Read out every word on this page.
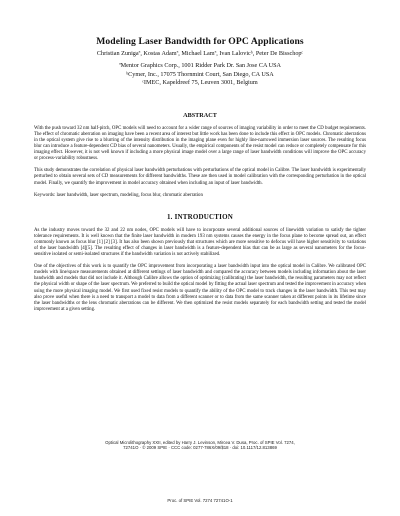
Modeling Laser Bandwidth for OPC Applications
Christian Zunigaª, Kostas Adamª, Michael Lamª, Ivan Lalovicᵇ, Peter De Bisschopᶜ
ªMentor Graphics Corp., 1001 Ridder Park Dr. San Jose CA USA
ᵇCymer, Inc., 17075 Thornmint Court, San Diego, CA USA
ᶜIMEC, Kapeldreef 75, Leuven 3001, Belgium
ABSTRACT

With the push toward 32 nm half-pitch, OPC models will need to account for a wider range of sources of imaging variability in order to meet the CD budget requirements. The effect of chromatic aberration on imaging have been a recent area of interest but little work has been done to include this effect in OPC models. Chromatic aberrations in the optical system give rise to a blurring of the intensity distribution in the imaging plane even for highly line-narrowed immersion laser sources. The resulting focus blur can introduce a feature-dependent CD bias of several nanometers. Usually, the empirical components of the resist model can reduce or completely compensate for this imaging effect. However, it is not well known if including a more physical image model over a large range of laser bandwidth conditions will improve the OPC accuracy or process-variability robustness.

This study demonstrates the correlation of physical laser bandwidth perturbations with perturbations of the optical model in Calibre. The laser bandwidth is experimentally perturbed to obtain several sets of CD measurements for different bandwidths. These are then used in model calibration with the corresponding perturbation in the optical model. Finally, we quantify the improvement in model accuracy obtained when including an input of laser bandwidth.

Keywords: laser bandwidth, laser spectrum, modeling, focus blur, chromatic aberration

1. INTRODUCTION

As the industry moves toward the 32 and 22 nm nodes, OPC models will have to incorporate several additional sources of linewidth variation to satisfy the tighter tolerance requirements. It is well known that the finite laser bandwidth in modern 193 nm systems causes the energy in the focus plane to become spread out, an effect commonly known as focus blur [1] [2] [3]. It has also been shown previously that structures which are more sensitive to defocus will have higher sensitivity to variations of the laser bandwidth [4][5]. The resulting effect of changes in laser bandwidth is a feature-dependent bias that can be as large as several nanometers for the focus-sensitive isolated or semi-isolated structures if the bandwidth variation is not actively stabilized.

One of the objectives of this work is to quantify the OPC improvement from incorporating a laser bandwidth input into the optical model in Calibre. We calibrated OPC models with line/space measurements obtained at different settings of laser bandwidth and compared the accuracy between models including information about the laser bandwidth and models that did not include it. Although Calibre allows the option of optimizing (calibrating) the laser bandwidth, the resulting parameters may not reflect the physical width or shape of the laser spectrum. We preferred to build the optical model by fitting the actual laser spectrum and tested the improvement in accuracy when using the more physical imaging model. We first used fixed resist models to quantify the ability of the OPC model to track changes in the laser bandwidth. This test may also prove useful when there is a need to transport a model to data from a different scanner or to data from the same scanner taken at different points in its lifetime since the laser bandwidths or the lens chromatic aberrations can be different. We then optimized the resist models separately for each bandwidth setting and tested the model improvement at a given setting.

Optical Microlithography XXII, edited by Harry J. Levinson, Mircea V. Dusa, Proc. of SPIE Vol. 7274,
72741O · © 2009 SPIE · CCC code: 0277-786X/09/$18 · doi: 10.1117/12.813869
Proc. of SPIE Vol. 7274 72741O-1
